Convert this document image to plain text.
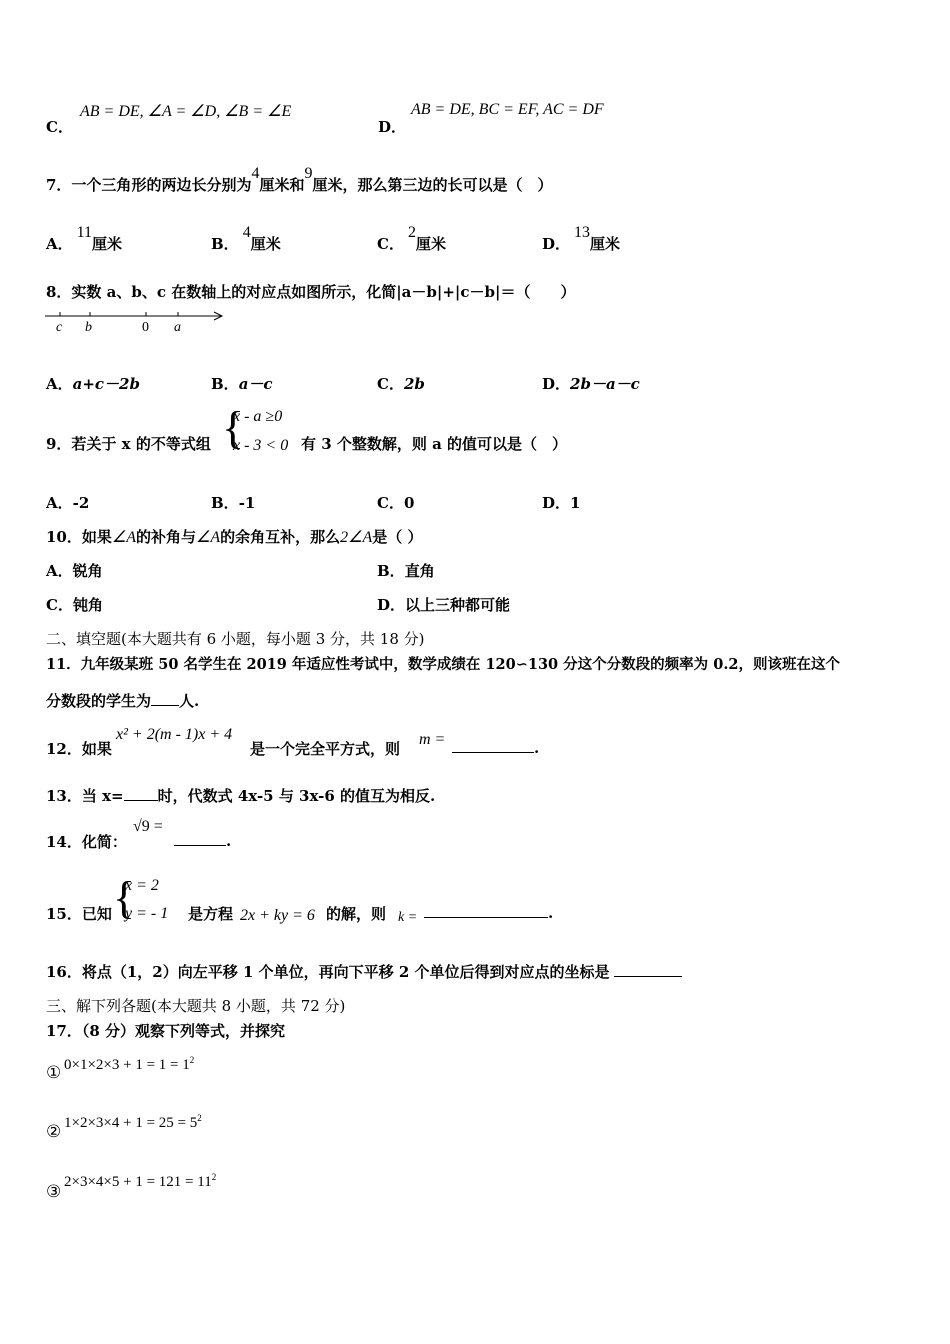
C．
AB = DE, ∠A = ∠D, ∠B = ∠E
D．
AB = DE, BC = EF, AC = DF
7．一个三角形的两边长分别为4厘米和9厘米，那么第三边的长可以是（　）
A．11厘米	B．4厘米	C．2厘米	D．13厘米
8．实数 a、b、c 在数轴上的对应点如图所示，化简|a－b|+|c－b|＝（　　）
c b	0 a
A．a+c－2b	B．a－c	C．2b	D．2b－a－c
9．若关于 x 的不等式组 {
x - a ≥0
x - 3 < 0 有 3 个整数解，则 a 的值可以是（　）
A．-2	B．-1	C．0	D．1
10．如果∠A的补角与∠A的余角互补，那么2∠A是（ ）
A．锐角	B．直角
C．钝角	D．以上三种都可能
二、填空题(本大题共有 6 小题，每小题 3 分，共 18 分)
11．九年级某班 50 名学生在 2019 年适应性考试中，数学成绩在 120∽130 分这个分数段的频率为 0.2，则该班在这个
分数段的学生为 人.
12．如果
x² + 2(m - 1)x + 4
是一个完全平方式，则
m =	.
13．当 x= 时，代数式 4x-5 与 3x-6 的值互为相反.
14．化简：
√9 =
.
15．已知 {
x = 2
y = - 1 是方程 2x + ky = 6 的解，则 k =	.
16．将点（1，2）向左平移 1 个单位，再向下平移 2 个单位后得到对应点的坐标是
三、解下列各题(本大题共 8 小题，共 72 分)
17．（8 分）观察下列等式，并探究
① $0\times 1\times 2\times 3 + 1 = 1 = 1^2$
② $1\times 2\times 3\times 4 + 1 = 25 = 5^2$
③ $2\times 3\times 4\times 5 + 1 = 121 = 11^2$
